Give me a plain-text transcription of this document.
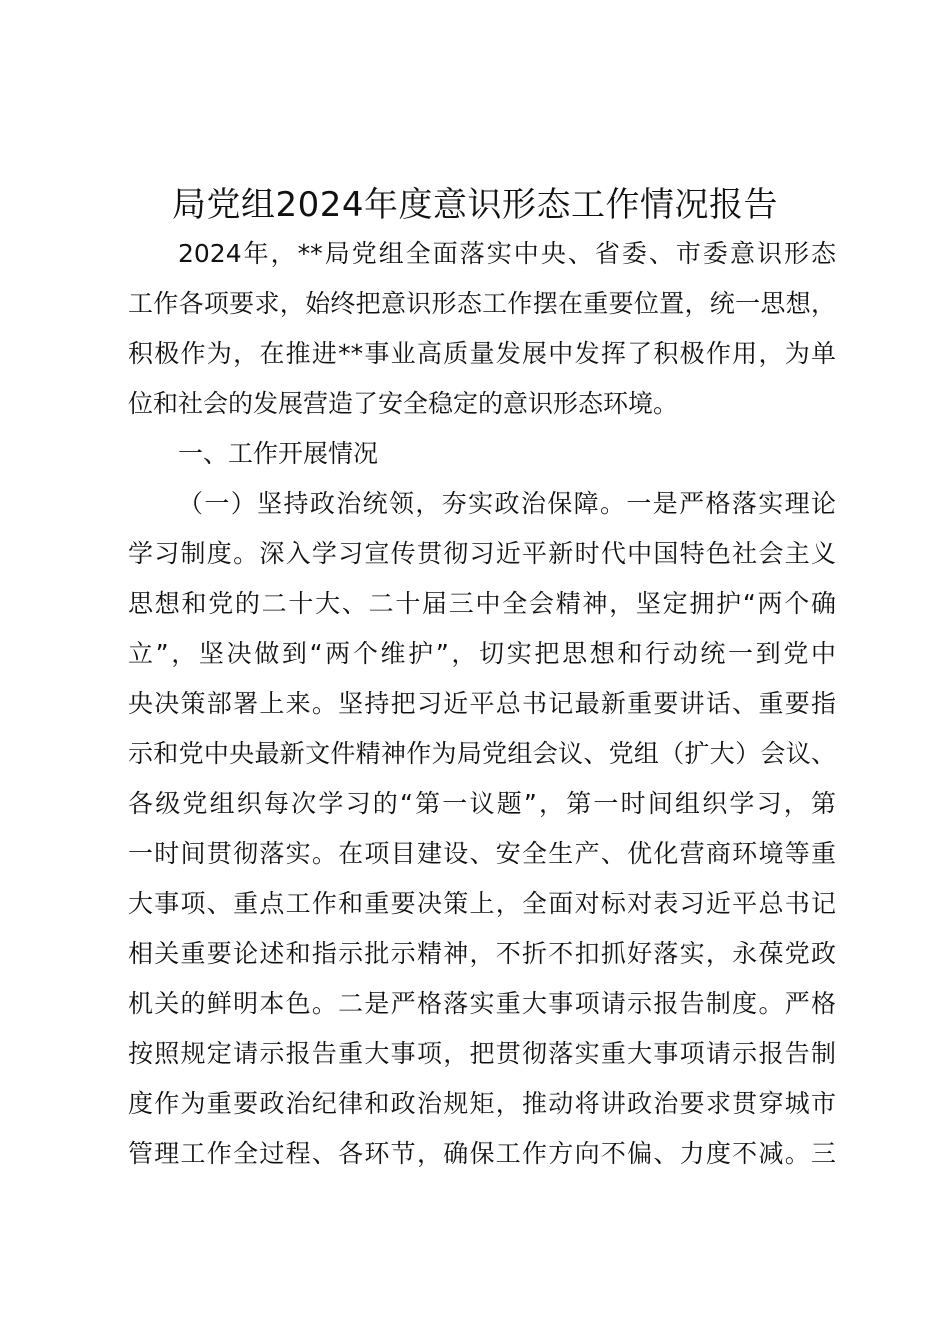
局党组2024年度意识形态工作情况报告
2024年，**局党组全面落实中央、省委、市委意识形态
工作各项要求，始终把意识形态工作摆在重要位置，统一思想，
积极作为，在推进**事业高质量发展中发挥了积极作用，为单
位和社会的发展营造了安全稳定的意识形态环境。
一、工作开展情况
（一）坚持政治统领，夯实政治保障。一是严格落实理论
学习制度。深入学习宣传贯彻习近平新时代中国特色社会主义
思想和党的二十大、二十届三中全会精神，坚定拥护“两个确
立”，坚决做到“两个维护”，切实把思想和行动统一到党中
央决策部署上来。坚持把习近平总书记最新重要讲话、重要指
示和党中央最新文件精神作为局党组会议、党组（扩大）会议、
各级党组织每次学习的“第一议题”，第一时间组织学习，第
一时间贯彻落实。在项目建设、安全生产、优化营商环境等重
大事项、重点工作和重要决策上，全面对标对表习近平总书记
相关重要论述和指示批示精神，不折不扣抓好落实，永葆党政
机关的鲜明本色。二是严格落实重大事项请示报告制度。严格
按照规定请示报告重大事项，把贯彻落实重大事项请示报告制
度作为重要政治纪律和政治规矩，推动将讲政治要求贯穿城市
管理工作全过程、各环节，确保工作方向不偏、力度不减。三
